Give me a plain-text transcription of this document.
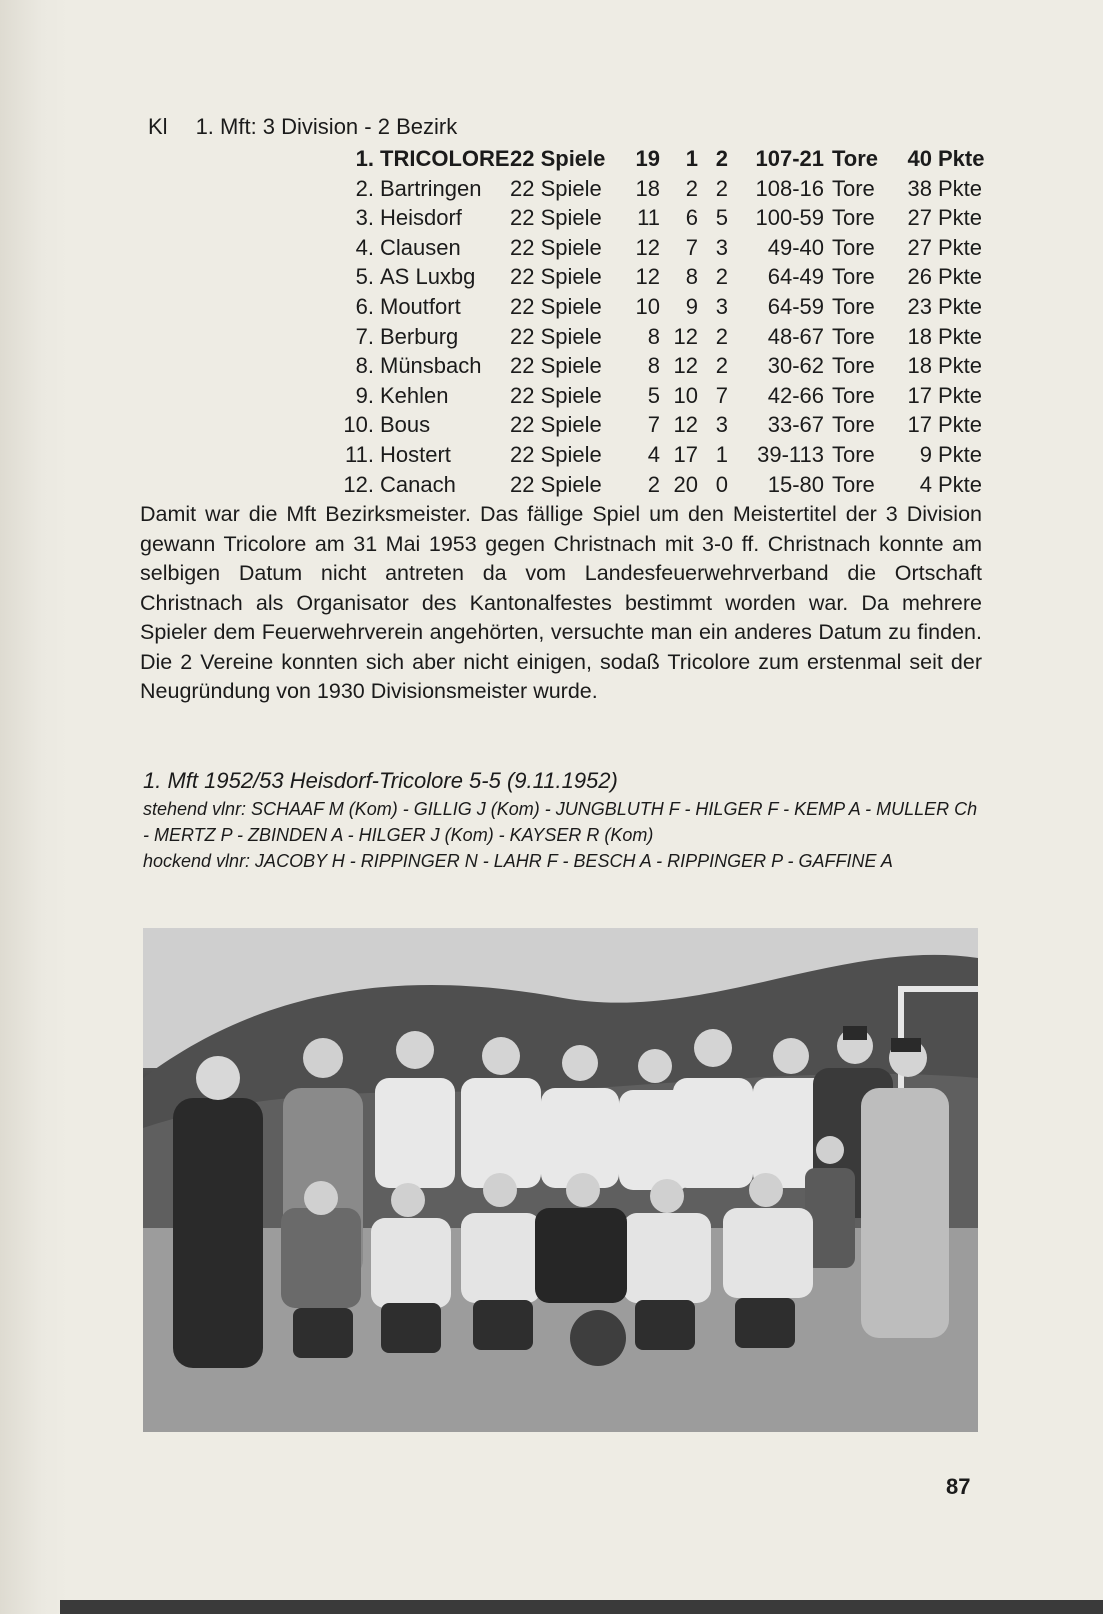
Kl 1. Mft: 3 Division - 2 Bezirk
1.	TRICOLORE	22 Spiele	19	1	2	107-21	Tore	40	Pkte
2.	Bartringen	22 Spiele	18	2	2	108-16	Tore	38	Pkte
3.	Heisdorf	22 Spiele	11	6	5	100-59	Tore	27	Pkte
4.	Clausen	22 Spiele	12	7	3	49-40	Tore	27	Pkte
5.	AS Luxbg	22 Spiele	12	8	2	64-49	Tore	26	Pkte
6.	Moutfort	22 Spiele	10	9	3	64-59	Tore	23	Pkte
7.	Berburg	22 Spiele	8	12	2	48-67	Tore	18	Pkte
8.	Münsbach	22 Spiele	8	12	2	30-62	Tore	18	Pkte
9.	Kehlen	22 Spiele	5	10	7	42-66	Tore	17	Pkte
10.	Bous	22 Spiele	7	12	3	33-67	Tore	17	Pkte
11.	Hostert	22 Spiele	4	17	1	39-113	Tore	9	Pkte
12.	Canach	22 Spiele	2	20	0	15-80	Tore	4	Pkte
Damit war die Mft Bezirksmeister. Das fällige Spiel um den Meistertitel der 3 Division gewann Tricolore am 31 Mai 1953 gegen Christnach mit 3-0 ff. Christnach konnte am selbigen Datum nicht antreten da vom Landesfeuerwehrverband die Ortschaft Christnach als Organisator des Kantonalfestes bestimmt worden war. Da mehrere Spieler dem Feuerwehrverein angehörten, versuchte man ein anderes Datum zu finden. Die 2 Vereine konnten sich aber nicht einigen, sodaß Tricolore zum erstenmal seit der Neugründung von 1930 Divisionsmeister wurde.
1. Mft 1952/53 Heisdorf-Tricolore 5-5 (9.11.1952)
stehend vlnr: SCHAAF M (Kom) - GILLIG J (Kom) - JUNGBLUTH F - HILGER F - KEMP A - MULLER Ch - MERTZ P - ZBINDEN A - HILGER J (Kom) - KAYSER R (Kom)
hockend vlnr: JACOBY H - RIPPINGER N - LAHR F - BESCH A - RIPPINGER P - GAFFINE A
87
